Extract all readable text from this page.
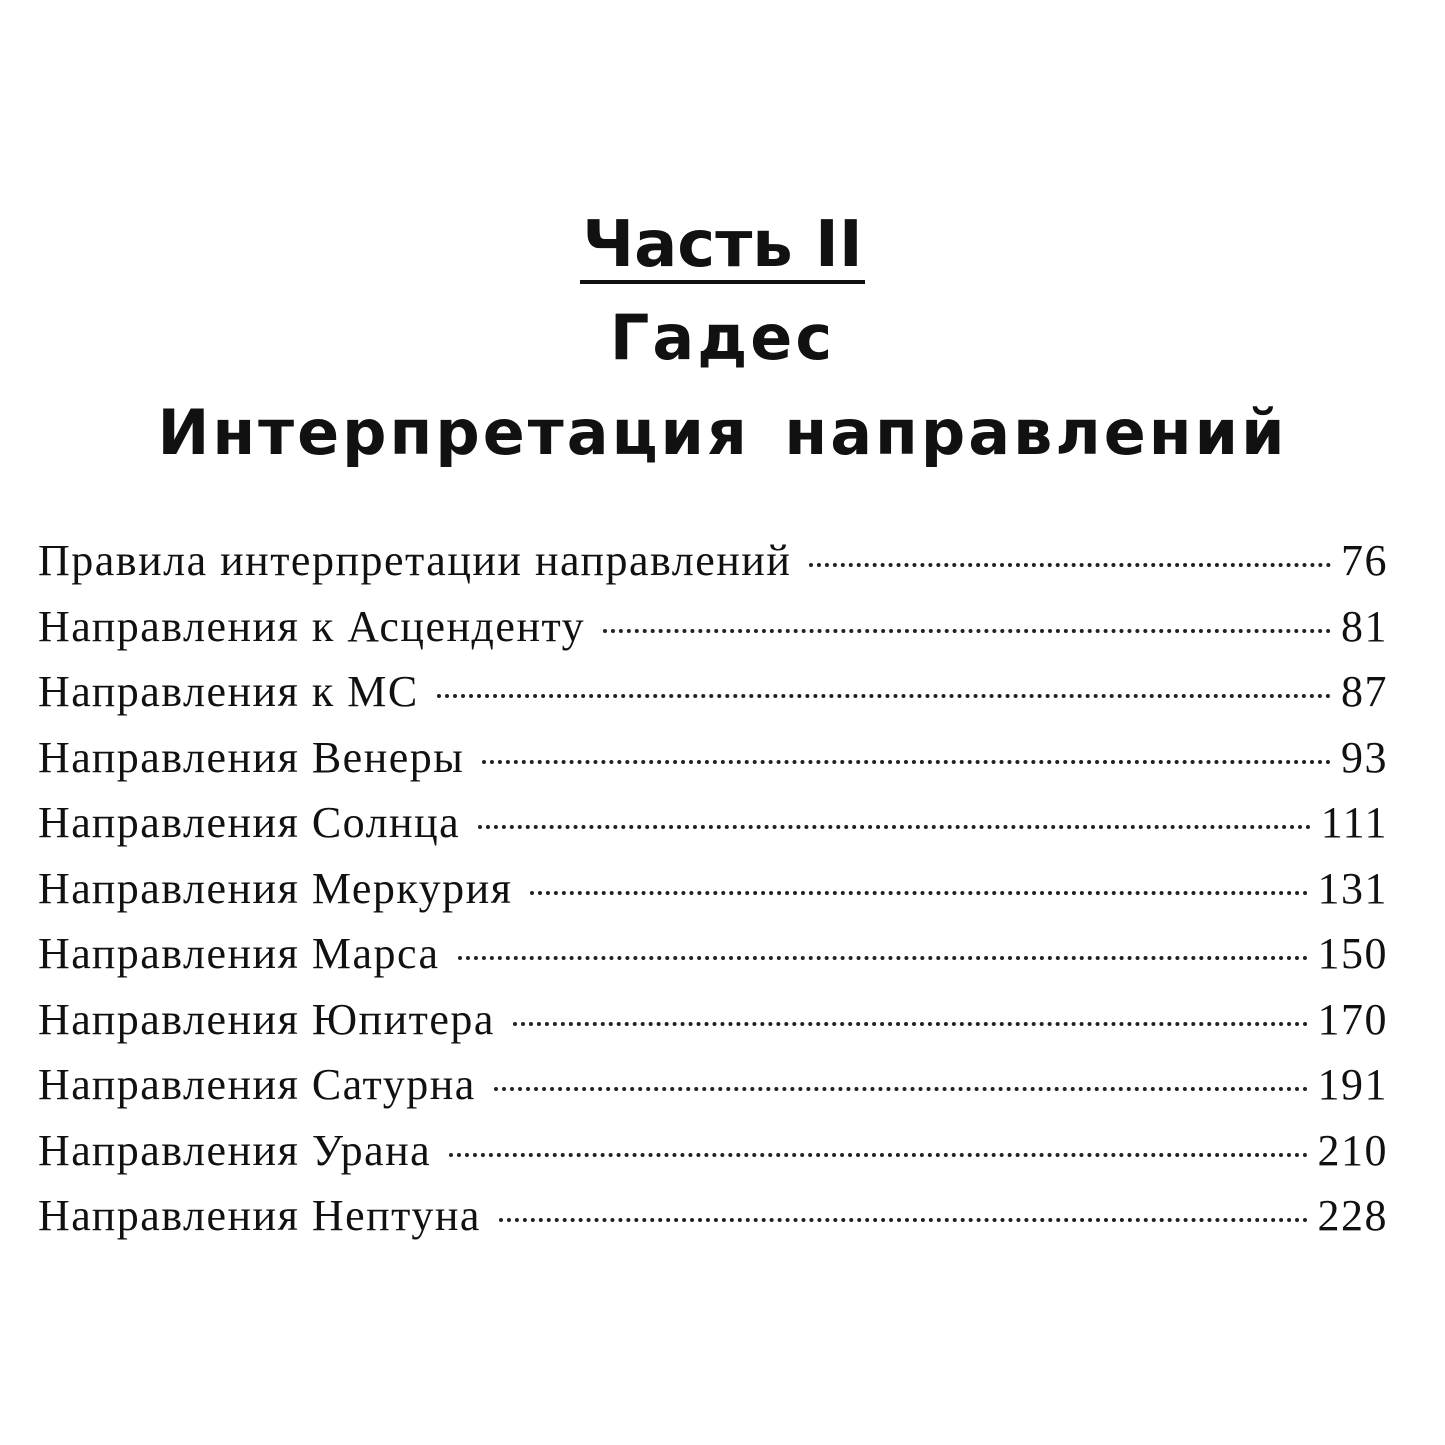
Часть II
Гадес
Интерпретация направлений
Правила интерпретации направлений	76
Направления к Асценденту	81
Направления к МС	87
Направления Венеры	93
Направления Солнца	111
Направления Меркурия	131
Направления Марса	150
Направления Юпитера	170
Направления Сатурна	191
Направления Урана	210
Направления Нептуна	228
